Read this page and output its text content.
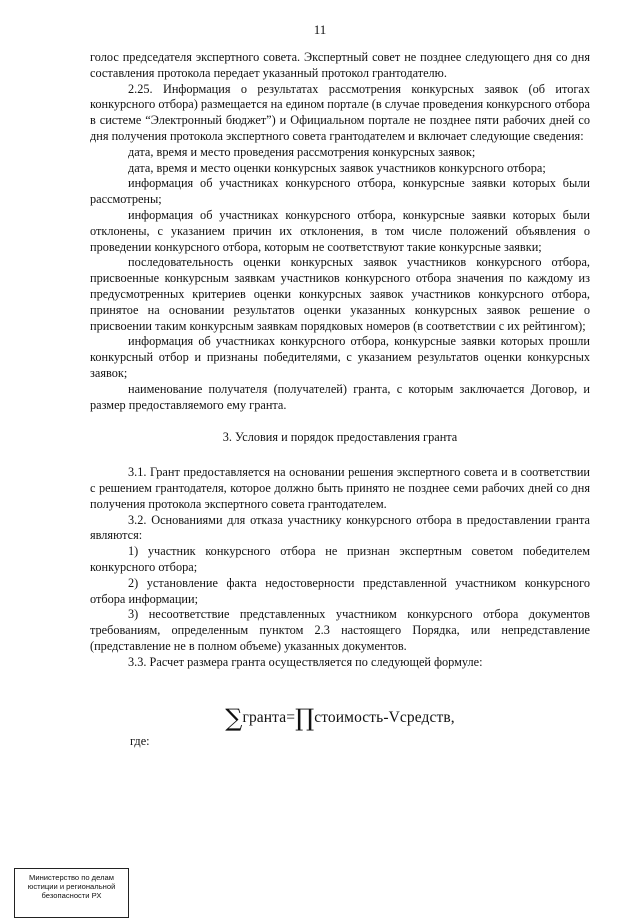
11

голос председателя экспертного совета. Экспертный совет не позднее следующего дня со дня составления протокола передает указанный протокол грантодателю.

2.25. Информация о результатах рассмотрения конкурсных заявок (об итогах конкурсного отбора) размещается на едином портале (в случае проведения конкурсного отбора в системе “Электронный бюджет”) и Официальном портале не позднее пяти рабочих дней со дня получения протокола экспертного совета грантодателем и включает следующие сведения:

дата, время и место проведения рассмотрения конкурсных заявок;

дата, время и место оценки конкурсных заявок участников конкурсного отбора;

информация об участниках конкурсного отбора, конкурсные заявки которых были рассмотрены;

информация об участниках конкурсного отбора, конкурсные заявки которых были отклонены, с указанием причин их отклонения, в том числе положений объявления о проведении конкурсного отбора, которым не соответствуют такие конкурсные заявки;

последовательность оценки конкурсных заявок участников конкурсного отбора, присвоенные конкурсным заявкам участников конкурсного отбора значения по каждому из предусмотренных критериев оценки конкурсных заявок участников конкурсного отбора, принятое на основании результатов оценки указанных конкурсных заявок решение о присвоении таким конкурсным заявкам порядковых номеров (в соответствии с их рейтингом);

информация об участниках конкурсного отбора, конкурсные заявки которых прошли конкурсный отбор и признаны победителями, с указанием результатов оценки конкурсных заявок;

наименование получателя (получателей) гранта, с которым заключается Договор, и размер предоставляемого ему гранта.

3. Условия и порядок предоставления гранта

3.1. Грант предоставляется на основании решения экспертного совета и в соответствии с решением грантодателя, которое должно быть принято не позднее семи рабочих дней со дня получения протокола экспертного совета грантодателем.

3.2. Основаниями для отказа участнику конкурсного отбора в предоставлении гранта являются:

1) участник конкурсного отбора не признан экспертным советом победителем конкурсного отбора;

2) установление факта недостоверности представленной участником конкурсного отбора информации;

3) несоответствие представленных участником конкурсного отбора документов требованиям, определенным пунктом 2.3 настоящего Порядка, или непредставление (представление не в полном объеме) указанных документов.

3.3. Расчет размера гранта осуществляется по следующей формуле:

∑гранта=∏стоимость-Vсредств,

где:

Министерство по делам
юстиции и региональной
безопасности РХ
